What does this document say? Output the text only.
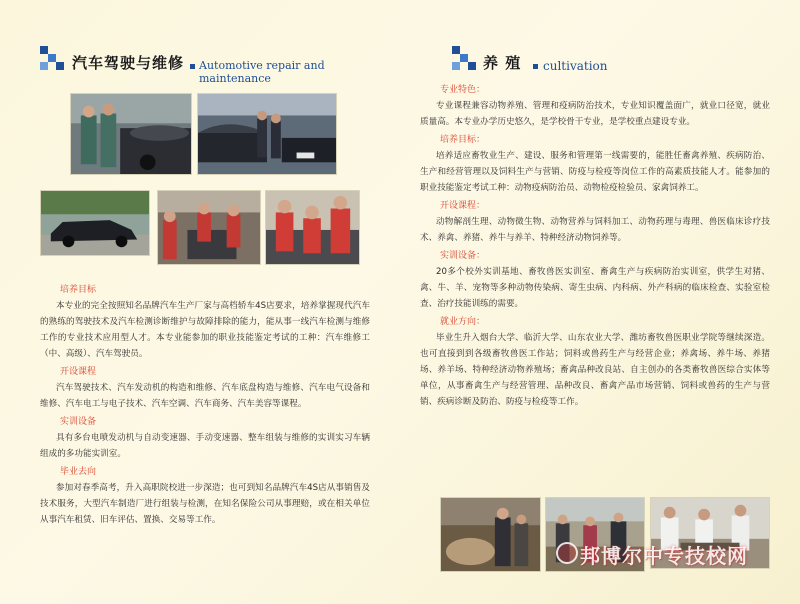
汽车驾驶与维修 Automotive repair and maintenance
培养目标
本专业的完全按照知名品牌汽车生产厂家与高档轿车4S店要求，培养掌握现代汽车的熟练的驾驶技术及汽车检测诊断维护与故障排除的能力，能从事一线汽车检测与维修工作的专业技术应用型人才。本专业能参加的职业技能鉴定考试的工种：汽车维修工（中、高级）、汽车驾驶员。
开设课程
汽车驾驶技术、汽车发动机的构造和维修、汽车底盘构造与维修、汽车电气设备和维修、汽车电工与电子技术、汽车空调、汽车商务、汽车美容等课程。
实训设备
具有多台电喷发动机与自动变速器、手动变速器、整车组装与维修的实训实习车辆组成的多功能实训室。
毕业去向
参加对春季高考，升入高职院校进一步深造；也可到知名品牌汽车4S店从事销售及技术服务，大型汽车制造厂进行组装与检测，在知名保险公司从事理赔，或在相关单位从事汽车租赁、旧车评估、置换、交易等工作。
养 殖 cultivation
专业特色：
专业课程兼容动物养殖、管理和疫病防治技术，专业知识覆盖面广，就业口径宽，就业质量高。本专业办学历史悠久，是学校骨干专业，是学校重点建设专业。
培养目标：
培养适应畜牧业生产、建设、服务和管理第一线需要的，能胜任畜禽养殖、疾病防治、生产和经营管理以及饲料生产与营销、防疫与检疫等岗位工作的高素质技能人才。能参加的职业技能鉴定考试工种：动物疫病防治员、动物检疫检验员、家禽饲养工。
开设课程：
动物解剖生理、动物微生物、动物营养与饲料加工、动物药理与毒理、兽医临床诊疗技术、养禽、养猪、养牛与养羊、特种经济动物饲养等。
实训设备：
20多个校外实训基地、畜牧兽医实训室、畜禽生产与疾病防治实训室，供学生对猪、禽、牛、羊、宠物等多种动物传染病、寄生虫病、内科病、外产科病的临床检查、实验室检查、治疗技能训练的需要。
就业方向：
毕业生升入烟台大学、临沂大学、山东农业大学、潍坊畜牧兽医职业学院等继续深造。也可直接到到各级畜牧兽医工作站；饲料或兽药生产与经营企业；养禽场、养牛场、养猪场、养羊场、特种经济动物养殖场；畜禽品种改良站、自主创办的各类畜牧兽医综合实体等单位，从事畜禽生产与经营管理、品种改良、畜禽产品市场营销、饲料或兽药的生产与营销、疾病诊断及防治、防疫与检疫等工作。
邦博尔中专技校网
